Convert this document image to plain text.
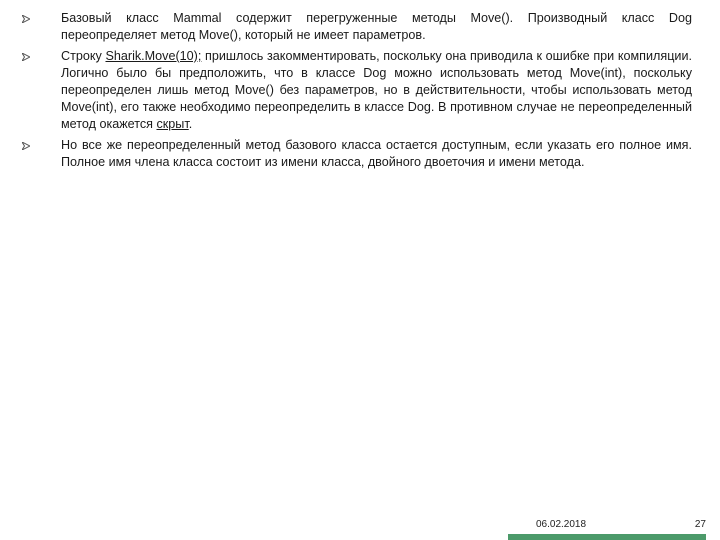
Базовый класс Mammal содержит перегруженные методы Move(). Производный класс Dog переопределяет метод Move(), который не имеет параметров.
Строку Sharik.Move(10); пришлось закомментировать, поскольку она приводила к ошибке при компиляции. Логично было бы предположить, что в классе Dog можно использовать метод Move(int), поскольку переопределен лишь метод Move() без параметров, но в действительности, чтобы использовать метод Move(int), его также необходимо переопределить в классе Dog. В противном случае не переопределенный метод окажется скрыт.
Но все же переопределенный метод базового класса остается доступным, если указать его полное имя. Полное имя члена класса состоит из имени класса, двойного двоеточия и имени метода.
06.02.2018	27
